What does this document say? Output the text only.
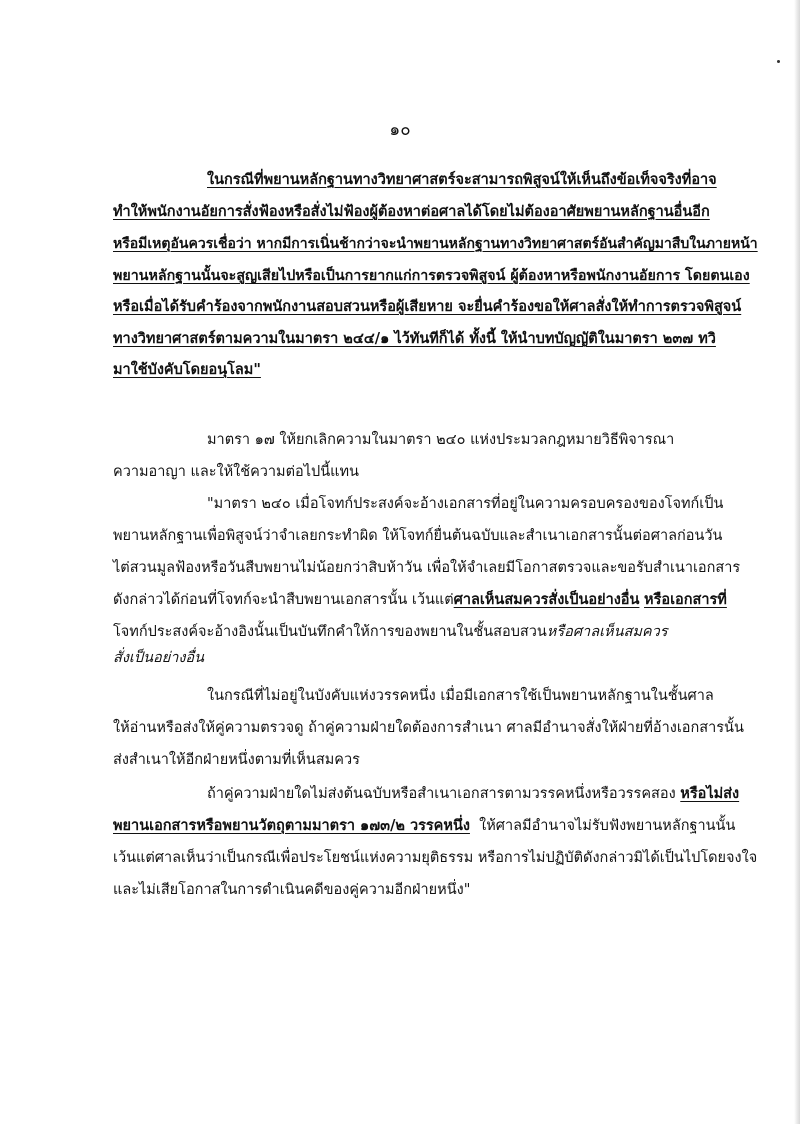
๑๐
ในกรณีที่พยานหลักฐานทางวิทยาศาสตร์จะสามารถพิสูจน์ให้เห็นถึงข้อเท็จจริงที่อาจ
ทำให้พนักงานอัยการสั่งฟ้องหรือสั่งไม่ฟ้องผู้ต้องหาต่อศาลได้โดยไม่ต้องอาศัยพยานหลักฐานอื่นอีก
หรือมีเหตุอันควรเชื่อว่า หากมีการเนิ่นช้ากว่าจะนำพยานหลักฐานทางวิทยาศาสตร์อันสำคัญมาสืบในภายหน้า
พยานหลักฐานนั้นจะสูญเสียไปหรือเป็นการยากแก่การตรวจพิสูจน์ ผู้ต้องหาหรือพนักงานอัยการ โดยตนเอง
หรือเมื่อได้รับคำร้องจากพนักงานสอบสวนหรือผู้เสียหาย จะยื่นคำร้องขอให้ศาลสั่งให้ทำการตรวจพิสูจน์
ทางวิทยาศาสตร์ตามความในมาตรา ๒๔๔/๑ ไว้ทันทีก็ได้ ทั้งนี้ ให้นำบทบัญญัติในมาตรา ๒๓๗ ทวิ
มาใช้บังคับโดยอนุโลม"
มาตรา ๑๗ ให้ยกเลิกความในมาตรา ๒๔๐ แห่งประมวลกฎหมายวิธีพิจารณา
ความอาญา และให้ใช้ความต่อไปนี้แทน
"มาตรา ๒๔๐ เมื่อโจทก์ประสงค์จะอ้างเอกสารที่อยู่ในความครอบครองของโจทก์เป็น
พยานหลักฐานเพื่อพิสูจน์ว่าจำเลยกระทำผิด ให้โจทก์ยื่นต้นฉบับและสำเนาเอกสารนั้นต่อศาลก่อนวัน
ไต่สวนมูลฟ้องหรือวันสืบพยานไม่น้อยกว่าสิบห้าวัน เพื่อให้จำเลยมีโอกาสตรวจและขอรับสำเนาเอกสาร
ดังกล่าวได้ก่อนที่โจทก์จะนำสืบพยานเอกสารนั้น เว้นแต่ศาลเห็นสมควรสั่งเป็นอย่างอื่น หรือเอกสารที่
โจทก์ประสงค์จะอ้างอิงนั้นเป็นบันทึกคำให้การของพยานในชั้นสอบสวนหรือศาลเห็นสมควร
สั่งเป็นอย่างอื่น
ในกรณีที่ไม่อยู่ในบังคับแห่งวรรคหนึ่ง เมื่อมีเอกสารใช้เป็นพยานหลักฐานในชั้นศาล
ให้อ่านหรือส่งให้คู่ความตรวจดู ถ้าคู่ความฝ่ายใดต้องการสำเนา ศาลมีอำนาจสั่งให้ฝ่ายที่อ้างเอกสารนั้น
ส่งสำเนาให้อีกฝ่ายหนึ่งตามที่เห็นสมควร
ถ้าคู่ความฝ่ายใดไม่ส่งต้นฉบับหรือสำเนาเอกสารตามวรรคหนึ่งหรือวรรคสอง หรือไม่ส่ง
พยานเอกสารหรือพยานวัตถุตามมาตรา ๑๗๓/๒ วรรคหนึ่ง ให้ศาลมีอำนาจไม่รับฟังพยานหลักฐานนั้น
เว้นแต่ศาลเห็นว่าเป็นกรณีเพื่อประโยชน์แห่งความยุติธรรม หรือการไม่ปฏิบัติดังกล่าวมิได้เป็นไปโดยจงใจ
และไม่เสียโอกาสในการดำเนินคดีของคู่ความอีกฝ่ายหนึ่ง"
